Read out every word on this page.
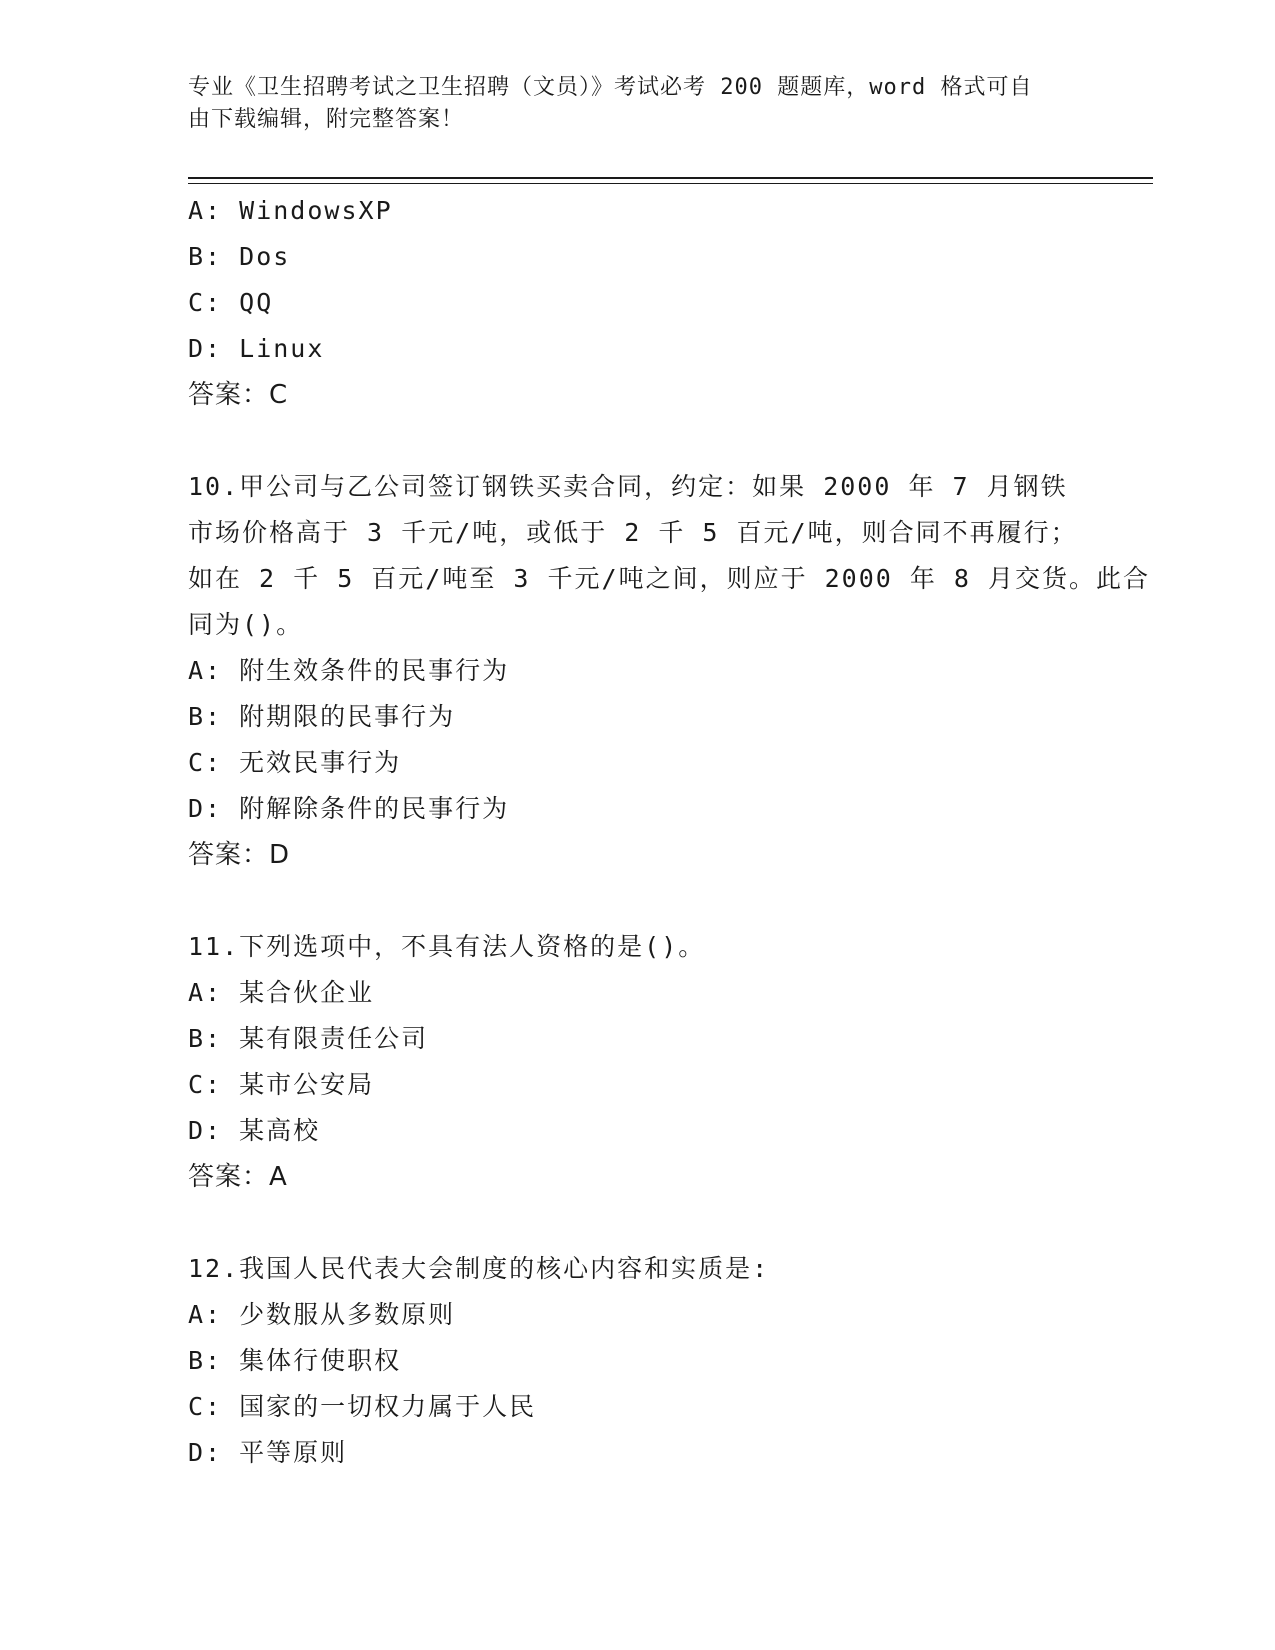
专业《卫生招聘考试之卫生招聘（文员）》考试必考 200 题题库，word 格式可自
由下载编辑，附完整答案！
A: WindowsXP
B: Dos
C: QQ
D: Linux
答案：C
10.甲公司与乙公司签订钢铁买卖合同，约定：如果 2000 年 7 月钢铁
市场价格高于 3 千元/吨，或低于 2 千 5 百元/吨，则合同不再履行；
如在 2 千 5 百元/吨至 3 千元/吨之间，则应于 2000 年 8 月交货。此合
同为()。
A: 附生效条件的民事行为
B: 附期限的民事行为
C: 无效民事行为
D: 附解除条件的民事行为
答案：D
11.下列选项中，不具有法人资格的是()。
A: 某合伙企业
B: 某有限责任公司
C: 某市公安局
D: 某高校
答案：A
12.我国人民代表大会制度的核心内容和实质是:
A: 少数服从多数原则
B: 集体行使职权
C: 国家的一切权力属于人民
D: 平等原则
